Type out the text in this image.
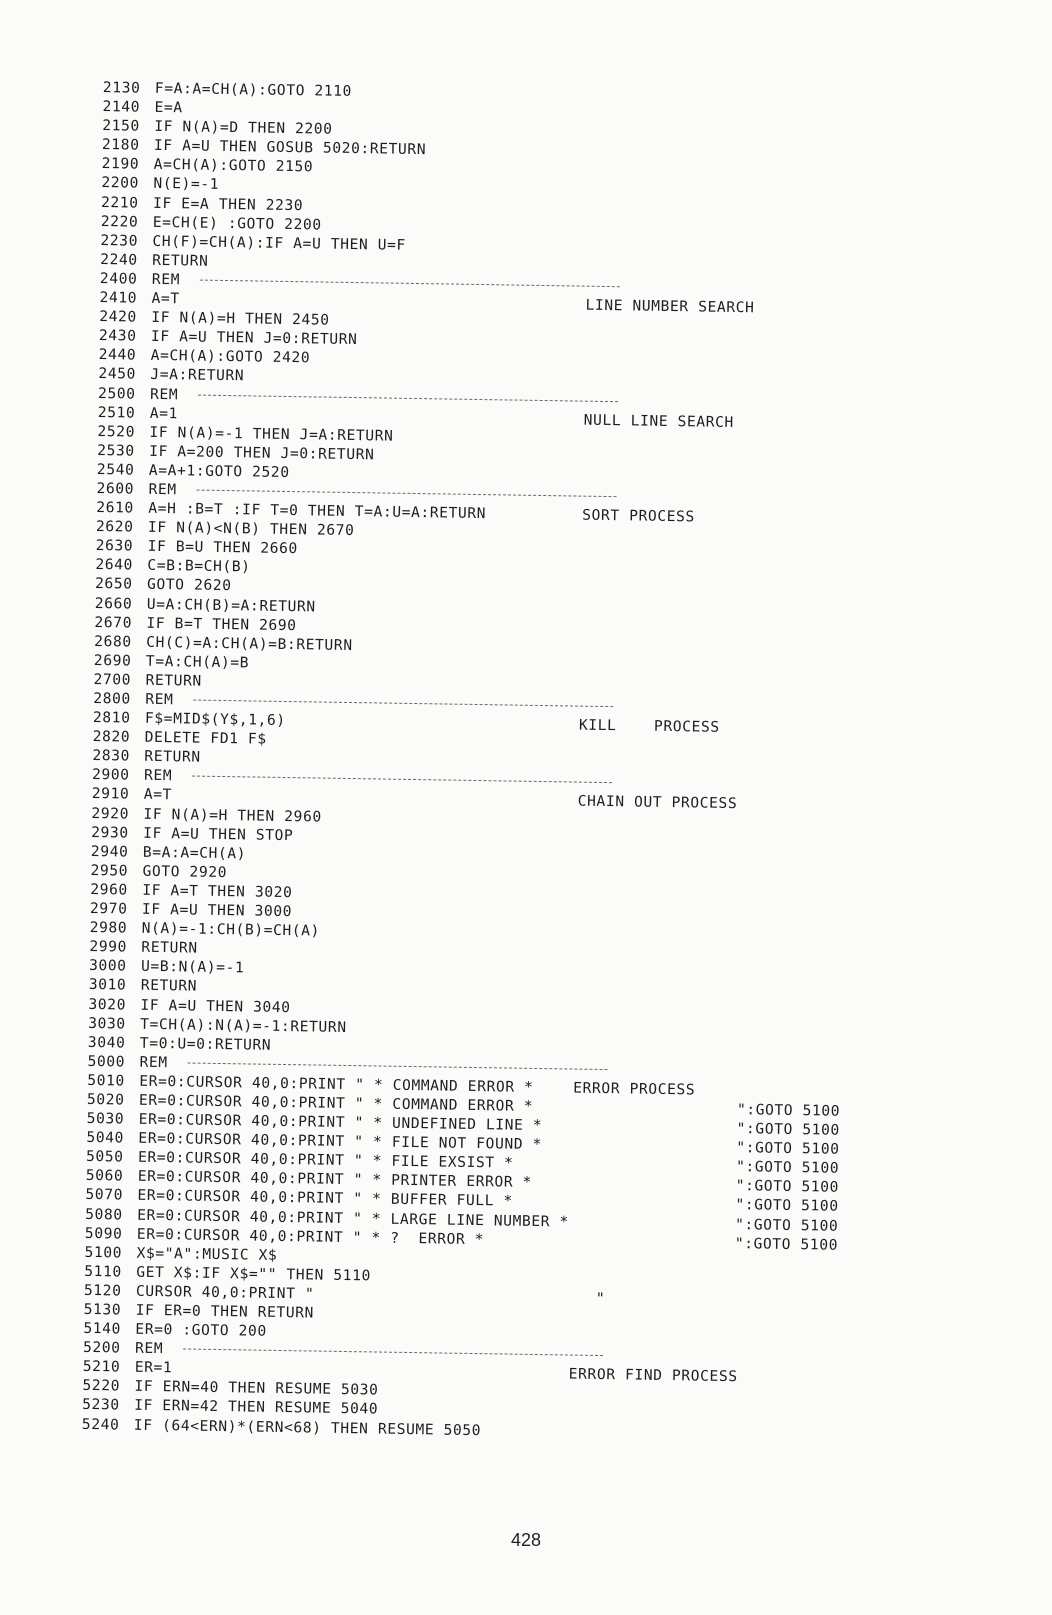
2130 F=A:A=CH(A):GOTO 2110
2140 E=A
2150 IF N(A)=D THEN 2200
2180 IF A=U THEN GOSUB 5020:RETURN
2190 A=CH(A):GOTO 2150
2200 N(E)=-1
2210 IF E=A THEN 2230
2220 E=CH(E) :GOTO 2200
2230 CH(F)=CH(A):IF A=U THEN U=F
2240 RETURN
2400 REM
2410 A=T	LINE NUMBER SEARCH
2420 IF N(A)=H THEN 2450
2430 IF A=U THEN J=0:RETURN
2440 A=CH(A):GOTO 2420
2450 J=A:RETURN
2500 REM
2510 A=1	NULL LINE SEARCH
2520 IF N(A)=-1 THEN J=A:RETURN
2530 IF A=200 THEN J=0:RETURN
2540 A=A+1:GOTO 2520
2600 REM
2610 A=H :B=T :IF T=0 THEN T=A:U=A:RETURN	SORT PROCESS
2620 IF N(A)<N(B) THEN 2670
2630 IF B=U THEN 2660
2640 C=B:B=CH(B)
2650 GOTO 2620
2660 U=A:CH(B)=A:RETURN
2670 IF B=T THEN 2690
2680 CH(C)=A:CH(A)=B:RETURN
2690 T=A:CH(A)=B
2700 RETURN
2800 REM
2810 F$=MID$(Y$,1,6)	KILL    PROCESS
2820 DELETE FD1 F$
2830 RETURN
2900 REM
2910 A=T	CHAIN OUT PROCESS
2920 IF N(A)=H THEN 2960
2930 IF A=U THEN STOP
2940 B=A:A=CH(A)
2950 GOTO 2920
2960 IF A=T THEN 3020
2970 IF A=U THEN 3000
2980 N(A)=-1:CH(B)=CH(A)
2990 RETURN
3000 U=B:N(A)=-1
3010 RETURN
3020 IF A=U THEN 3040
3030 T=CH(A):N(A)=-1:RETURN
3040 T=0:U=0:RETURN
5000 REM
5010 ER=0:CURSOR 40,0:PRINT " * COMMAND ERROR *	ERROR PROCESS
5020 ER=0:CURSOR 40,0:PRINT " * COMMAND ERROR *	":GOTO 5100
5030 ER=0:CURSOR 40,0:PRINT " * UNDEFINED LINE *	":GOTO 5100
5040 ER=0:CURSOR 40,0:PRINT " * FILE NOT FOUND *	":GOTO 5100
5050 ER=0:CURSOR 40,0:PRINT " * FILE EXSIST *	":GOTO 5100
5060 ER=0:CURSOR 40,0:PRINT " * PRINTER ERROR *	":GOTO 5100
5070 ER=0:CURSOR 40,0:PRINT " * BUFFER FULL *	":GOTO 5100
5080 ER=0:CURSOR 40,0:PRINT " * LARGE LINE NUMBER *	":GOTO 5100
5090 ER=0:CURSOR 40,0:PRINT " * ?  ERROR *	":GOTO 5100
5100 X$="A":MUSIC X$
5110 GET X$:IF X$="" THEN 5110
5120 CURSOR 40,0:PRINT "                              "
5130 IF ER=0 THEN RETURN
5140 ER=0 :GOTO 200
5200 REM
5210 ER=1	ERROR FIND PROCESS
5220 IF ERN=40 THEN RESUME 5030
5230 IF ERN=42 THEN RESUME 5040
5240 IF (64<ERN)*(ERN<68) THEN RESUME 5050
428
